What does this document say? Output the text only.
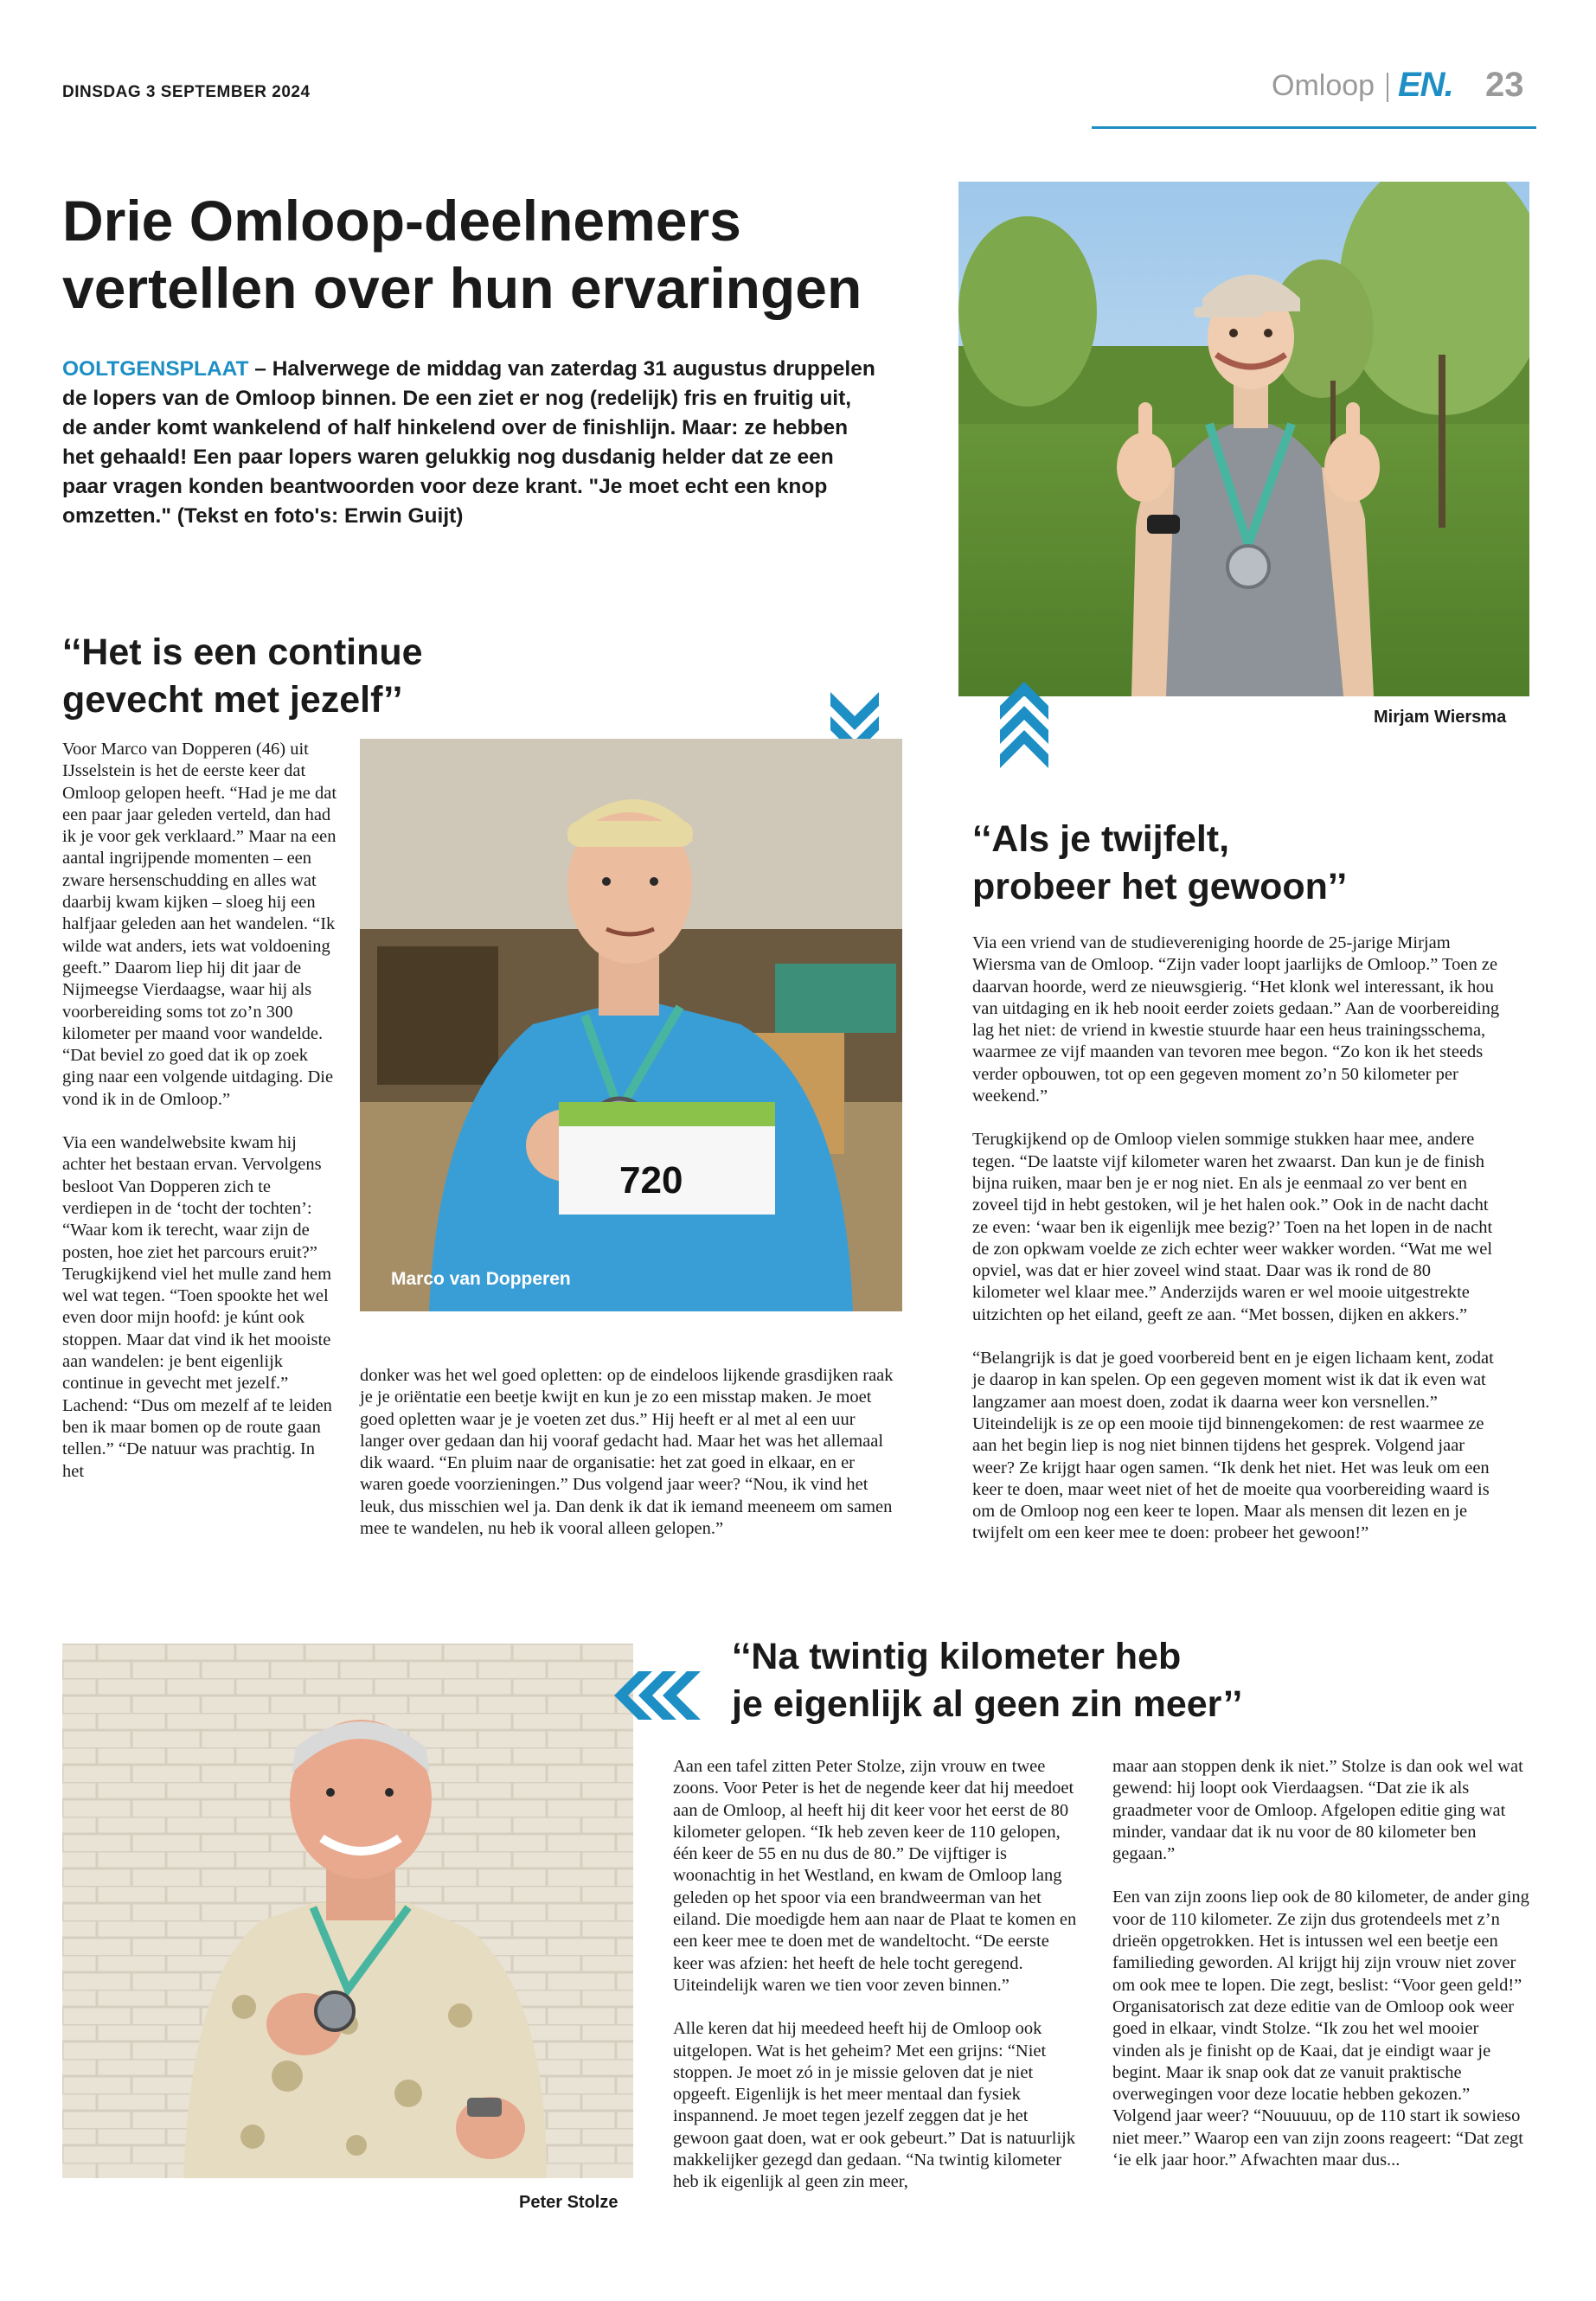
DINSDAG 3 SEPTEMBER 2024	Omloop EN. 23
Drie Omloop-deelnemers
vertellen over hun ervaringen
OOLTGENSPLAAT – Halverwege de middag van zaterdag 31 augustus druppelen de lopers van de Omloop binnen. De een ziet er nog (redelijk) fris en fruitig uit, de ander komt wankelend of half hinkelend over de finishlijn. Maar: ze hebben het gehaald! Een paar lopers waren gelukkig nog dusdanig helder dat ze een paar vragen konden beantwoorden voor deze krant. "Je moet echt een knop omzetten." (Tekst en foto's: Erwin Guijt)
Mirjam Wiersma
‘‘Het is een continue
gevecht met jezelf’’
720
Marco van Dopperen

Voor Marco van Dopperen (46) uit IJsselstein is het de eerste keer dat Omloop gelopen heeft. “Had je me dat een paar jaar geleden verteld, dan had ik je voor gek verklaard.” Maar na een aantal ingrijpende momenten – een zware hersenschudding en alles wat daarbij kwam kijken – sloeg hij een halfjaar geleden aan het wandelen. “Ik wilde wat anders, iets wat voldoening geeft.” Daarom liep hij dit jaar de Nijmeegse Vierdaagse, waar hij als voorbereiding soms tot zo’n 300 kilometer per maand voor wandelde. “Dat beviel zo goed dat ik op zoek ging naar een volgende uitdaging. Die vond ik in de Omloop.”

Via een wandelwebsite kwam hij achter het bestaan ervan. Vervolgens besloot Van Dopperen zich te verdiepen in de ‘tocht der tochten’: “Waar kom ik terecht, waar zijn de posten, hoe ziet het parcours eruit?” Terugkijkend viel het mulle zand hem wel wat tegen. “Toen spookte het wel even door mijn hoofd: je kúnt ook stoppen. Maar dat vind ik het mooiste aan wandelen: je bent eigenlijk continue in gevecht met jezelf.” Lachend: “Dus om mezelf af te leiden ben ik maar bomen op de route gaan tellen.” “De natuur was prachtig. In het

donker was het wel goed opletten: op de eindeloos lijkende grasdijken raak je je oriëntatie een beetje kwijt en kun je zo een misstap maken. Je moet goed opletten waar je je voeten zet dus.” Hij heeft er al met al een uur langer over gedaan dan hij vooraf gedacht had. Maar het was het allemaal dik waard. “En pluim naar de organisatie: het zat goed in elkaar, en er waren goede voorzieningen.” Dus volgend jaar weer? “Nou, ik vind het leuk, dus misschien wel ja. Dan denk ik dat ik iemand meeneem om samen mee te wandelen, nu heb ik vooral alleen gelopen.”

‘‘Als je twijfelt,
probeer het gewoon’’

Via een vriend van de studievereniging hoorde de 25-jarige Mirjam Wiersma van de Omloop. “Zijn vader loopt jaarlijks de Omloop.” Toen ze daarvan hoorde, werd ze nieuwsgierig. “Het klonk wel interessant, ik hou van uitdaging en ik heb nooit eerder zoiets gedaan.” Aan de voorbereiding lag het niet: de vriend in kwestie stuurde haar een heus trainingsschema, waarmee ze vijf maanden van tevoren mee begon. “Zo kon ik het steeds verder opbouwen, tot op een gegeven moment zo’n 50 kilometer per weekend.”

Terugkijkend op de Omloop vielen sommige stukken haar mee, andere tegen. “De laatste vijf kilometer waren het zwaarst. Dan kun je de finish bijna ruiken, maar ben je er nog niet. En als je eenmaal zo ver bent en zoveel tijd in hebt gestoken, wil je het halen ook.” Ook in de nacht dacht ze even: ‘waar ben ik eigenlijk mee bezig?’ Toen na het lopen in de nacht de zon opkwam voelde ze zich echter weer wakker worden. “Wat me wel opviel, was dat er hier zoveel wind staat. Daar was ik rond de 80 kilometer wel klaar mee.” Anderzijds waren er wel mooie uitgestrekte uitzichten op het eiland, geeft ze aan. “Met bossen, dijken en akkers.”

“Belangrijk is dat je goed voorbereid bent en je eigen lichaam kent, zodat je daarop in kan spelen. Op een gegeven moment wist ik dat ik even wat langzamer aan moest doen, zodat ik daarna weer kon versnellen.” Uiteindelijk is ze op een mooie tijd binnengekomen: de rest waarmee ze aan het begin liep is nog niet binnen tijdens het gesprek. Volgend jaar weer? Ze krijgt haar ogen samen. “Ik denk het niet. Het was leuk om een keer te doen, maar weet niet of het de moeite qua voorbereiding waard is om de Omloop nog een keer te lopen. Maar als mensen dit lezen en je twijfelt om een keer mee te doen: probeer het gewoon!”

Peter Stolze
‘‘Na twintig kilometer heb
je eigenlijk al geen zin meer’’

Aan een tafel zitten Peter Stolze, zijn vrouw en twee zoons. Voor Peter is het de negende keer dat hij meedoet aan de Omloop, al heeft hij dit keer voor het eerst de 80 kilometer gelopen. “Ik heb zeven keer de 110 gelopen, één keer de 55 en nu dus de 80.” De vijftiger is woonachtig in het Westland, en kwam de Omloop lang geleden op het spoor via een brandweerman van het eiland. Die moedigde hem aan naar de Plaat te komen en een keer mee te doen met de wandeltocht. “De eerste keer was afzien: het heeft de hele tocht geregend. Uiteindelijk waren we tien voor zeven binnen.”

Alle keren dat hij meedeed heeft hij de Omloop ook uitgelopen. Wat is het geheim? Met een grijns: “Niet stoppen. Je moet zó in je missie geloven dat je niet opgeeft. Eigenlijk is het meer mentaal dan fysiek inspannend. Je moet tegen jezelf zeggen dat je het gewoon gaat doen, wat er ook gebeurt.” Dat is natuurlijk makkelijker gezegd dan gedaan. “Na twintig kilometer heb ik eigenlijk al geen zin meer,

maar aan stoppen denk ik niet.” Stolze is dan ook wel wat gewend: hij loopt ook Vierdaagsen. “Dat zie ik als graadmeter voor de Omloop. Afgelopen editie ging wat minder, vandaar dat ik nu voor de 80 kilometer ben gegaan.”

Een van zijn zoons liep ook de 80 kilometer, de ander ging voor de 110 kilometer. Ze zijn dus grotendeels met z’n drieën opgetrokken. Het is intussen wel een beetje een familieding geworden. Al krijgt hij zijn vrouw niet zover om ook mee te lopen. Die zegt, beslist: “Voor geen geld!” Organisatorisch zat deze editie van de Omloop ook weer goed in elkaar, vindt Stolze. “Ik zou het wel mooier vinden als je finisht op de Kaai, dat je eindigt waar je begint. Maar ik snap ook dat ze vanuit praktische overwegingen voor deze locatie hebben gekozen.” Volgend jaar weer? “Nouuuuu, op de 110 start ik sowieso niet meer.” Waarop een van zijn zoons reageert: “Dat zegt ‘ie elk jaar hoor.” Afwachten maar dus...
